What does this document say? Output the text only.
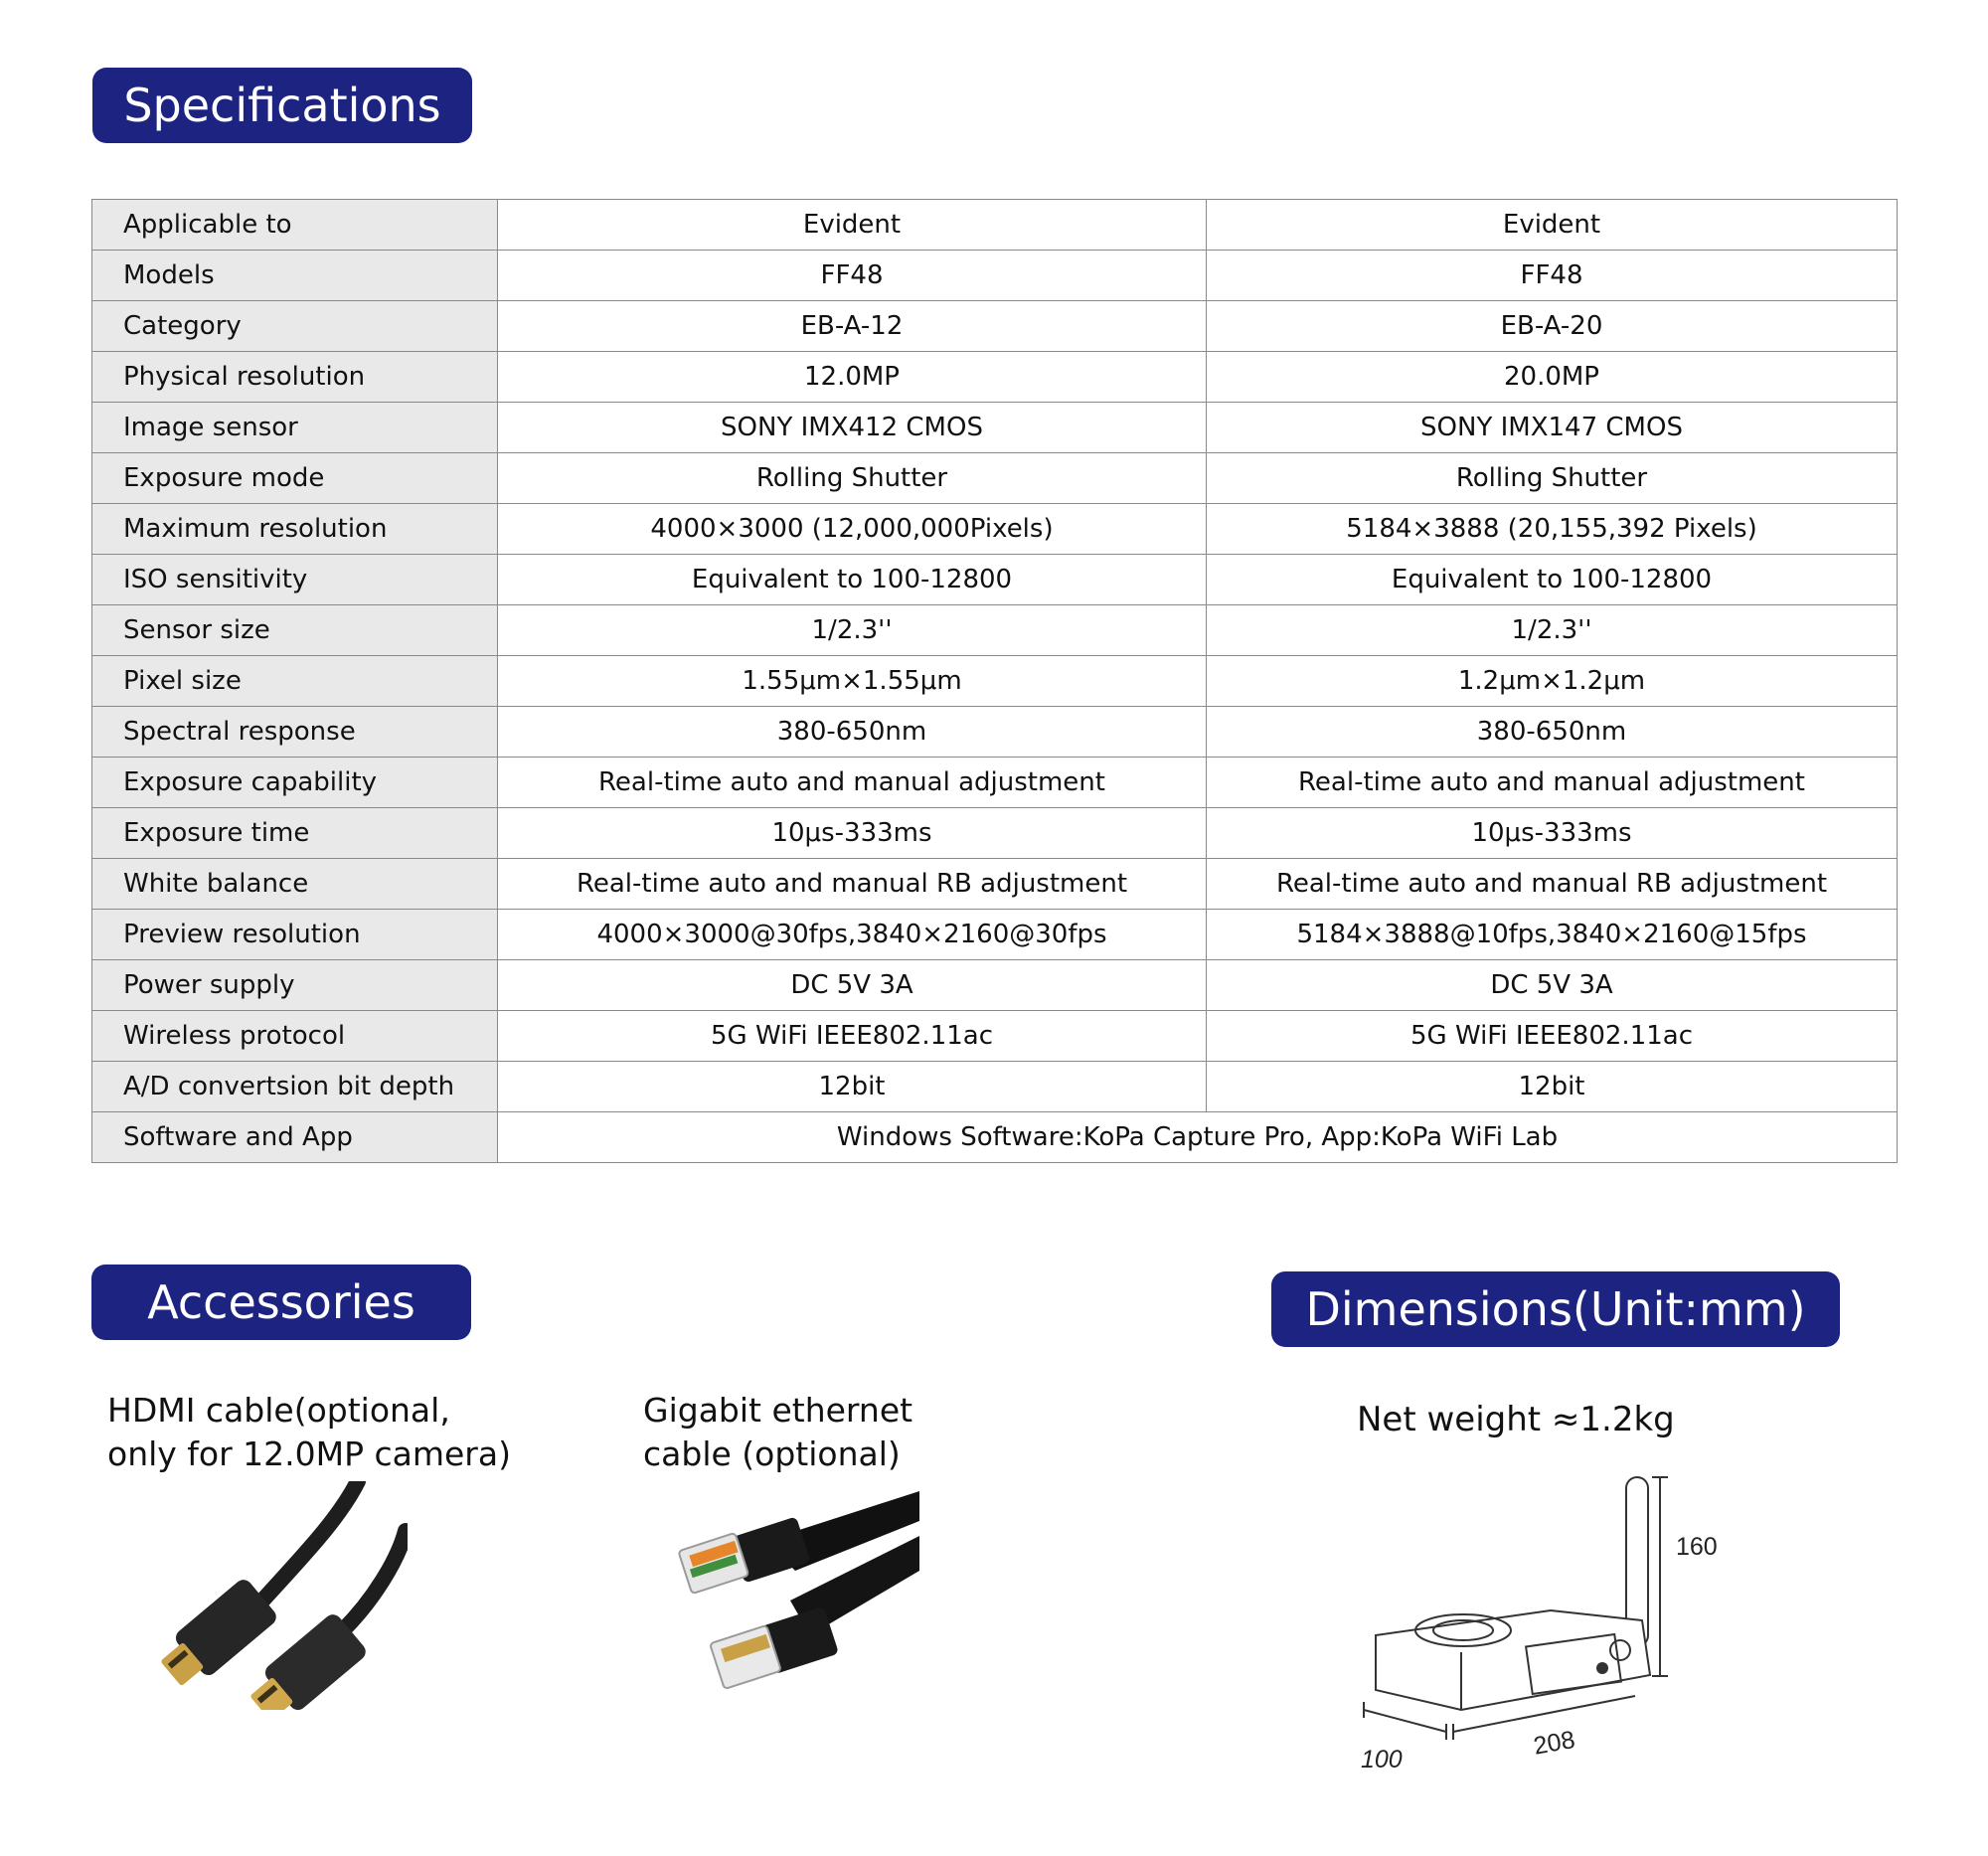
Specifications
Applicable to	Evident	Evident
Models	FF48	FF48
Category	EB-A-12	EB-A-20
Physical resolution	12.0MP	20.0MP
Image sensor	SONY IMX412 CMOS	SONY IMX147 CMOS
Exposure mode	Rolling Shutter	Rolling Shutter
Maximum resolution	4000×3000 (12,000,000Pixels)	5184×3888 (20,155,392 Pixels)
ISO sensitivity	Equivalent to 100-12800	Equivalent to 100-12800
Sensor size	1/2.3''	1/2.3''
Pixel size	1.55μm×1.55μm	1.2μm×1.2μm
Spectral response	380-650nm	380-650nm
Exposure capability	Real-time auto and manual adjustment	Real-time auto and manual adjustment
Exposure time	10μs-333ms	10μs-333ms
White balance	Real-time auto and manual RB adjustment	Real-time auto and manual RB adjustment
Preview resolution	4000×3000@30fps,3840×2160@30fps	5184×3888@10fps,3840×2160@15fps
Power supply	DC 5V 3A	DC 5V 3A
Wireless protocol	5G WiFi IEEE802.11ac	5G WiFi IEEE802.11ac
A/D convertsion bit depth	12bit	12bit
Software and App	Windows Software:KoPa Capture Pro, App:KoPa WiFi Lab	
Accessories	Dimensions(Unit:mm)
HDMI cable(optional,
only for 12.0MP camera)
Gigabit ethernet
cable (optional)
Net weight ≈1.2kg
160
100	208
